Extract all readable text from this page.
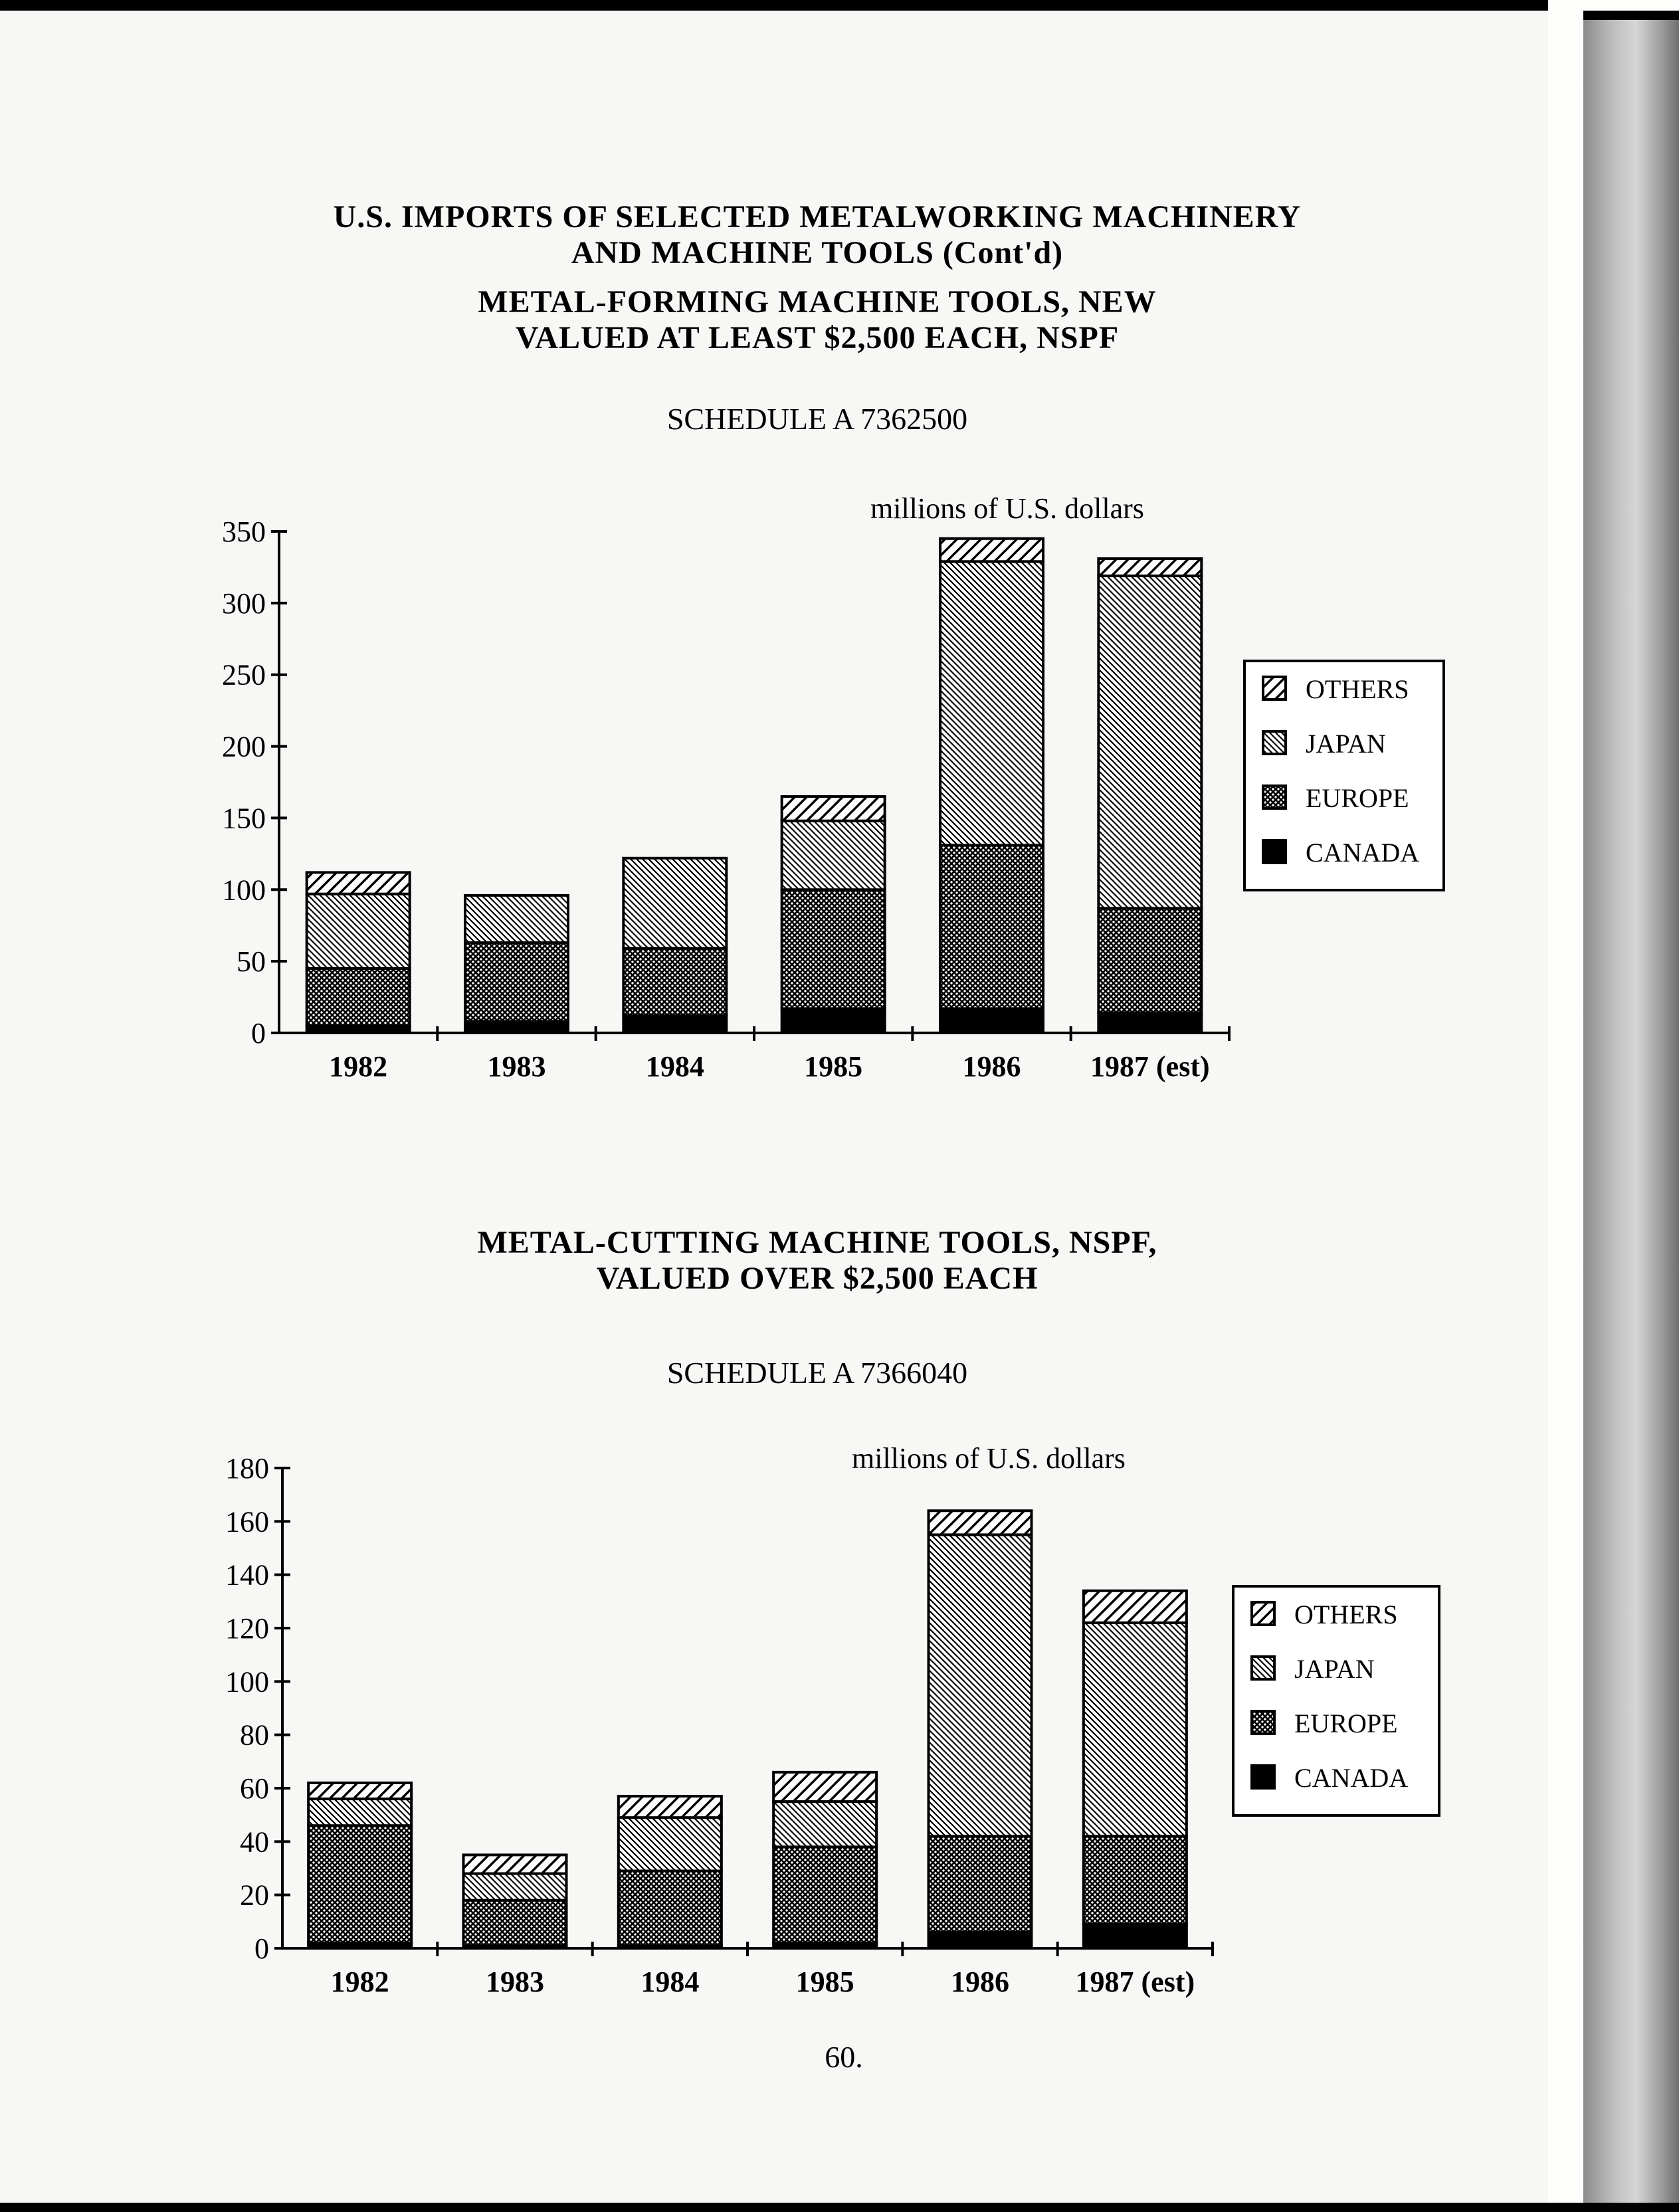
U.S. IMPORTS OF SELECTED METALWORKING MACHINERY
AND MACHINE TOOLS (Cont'd)
METAL-FORMING MACHINE TOOLS, NEW
VALUED AT LEAST $2,500 EACH, NSPF
SCHEDULE A 7362500
METAL-CUTTING MACHINE TOOLS, NSPF,
VALUED OVER $2,500 EACH
SCHEDULE A 7366040
0
50
100
150
200
250
300
350
1982	1983	1984	1985	1986 1987 (est)
OTHERS
JAPAN
EUROPE
CANADA
millions of U.S. dollars
0
20
40
60
80
100
120
140
160
180
1982	1983	1984	1985	1986 1987 (est)
OTHERS
JAPAN
EUROPE
CANADA
millions of U.S. dollars
60.
